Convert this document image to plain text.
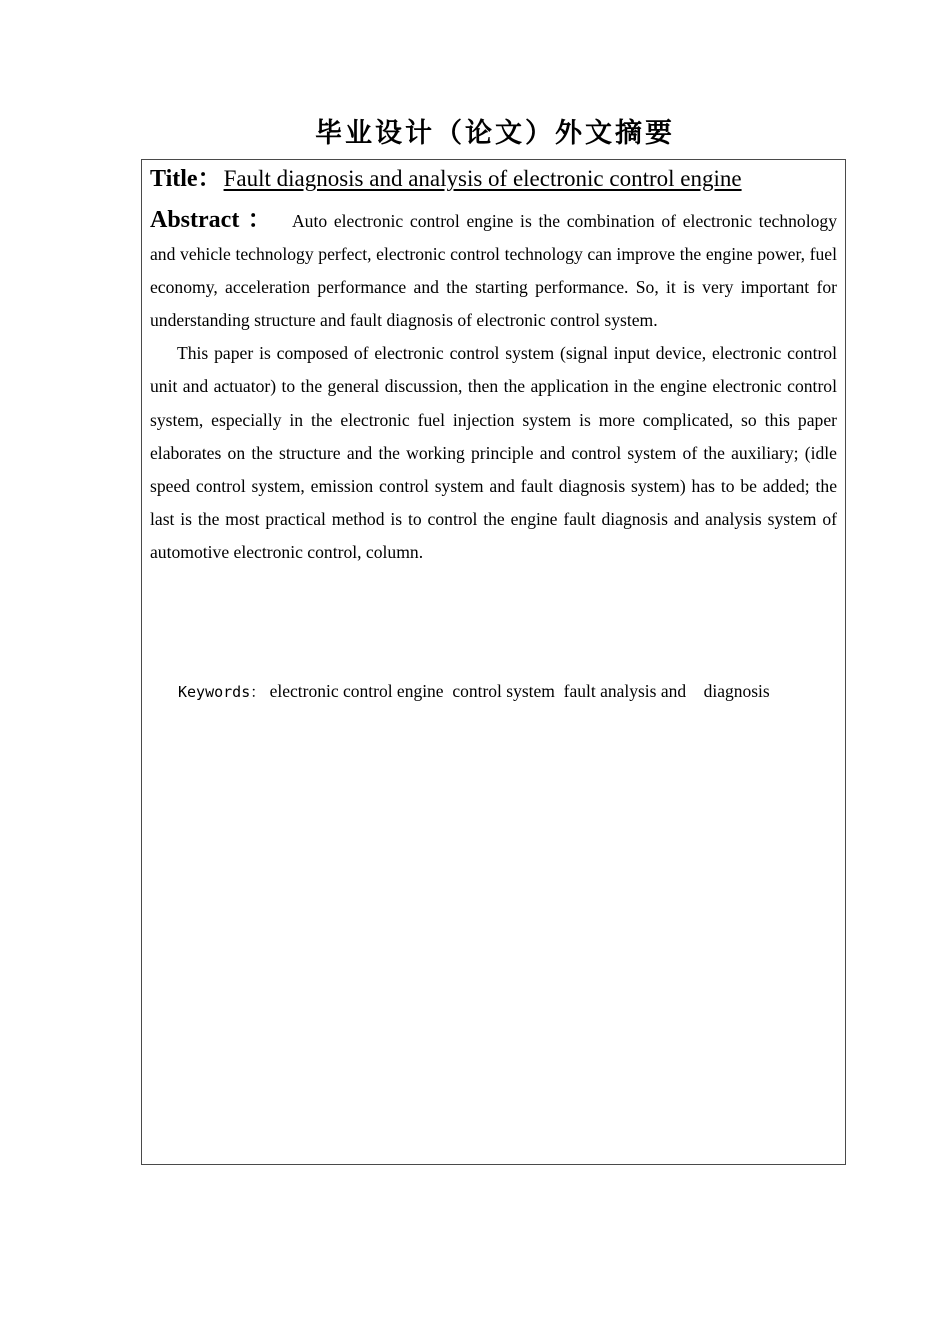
毕业设计（论文）外文摘要

Title：Fault diagnosis and analysis of electronic control engine

Abstract ： Auto electronic control engine is the combination of electronic technology and vehicle technology perfect, electronic control technology can improve the engine power, fuel economy, acceleration performance and the starting performance. So, it is very important for understanding structure and fault diagnosis of electronic control system.

This paper is composed of electronic control system (signal input device, electronic control unit and actuator) to the general discussion, then the application in the engine electronic control system, especially in the electronic fuel injection system is more complicated, so this paper elaborates on the structure and the working principle and control system of the auxiliary; (idle speed control system, emission control system and fault diagnosis system) has to be added; the last is the most practical method is to control the engine fault diagnosis and analysis system of automotive electronic control, column.

Keywords： electronic control engine  control system  fault analysis and    diagnosis
